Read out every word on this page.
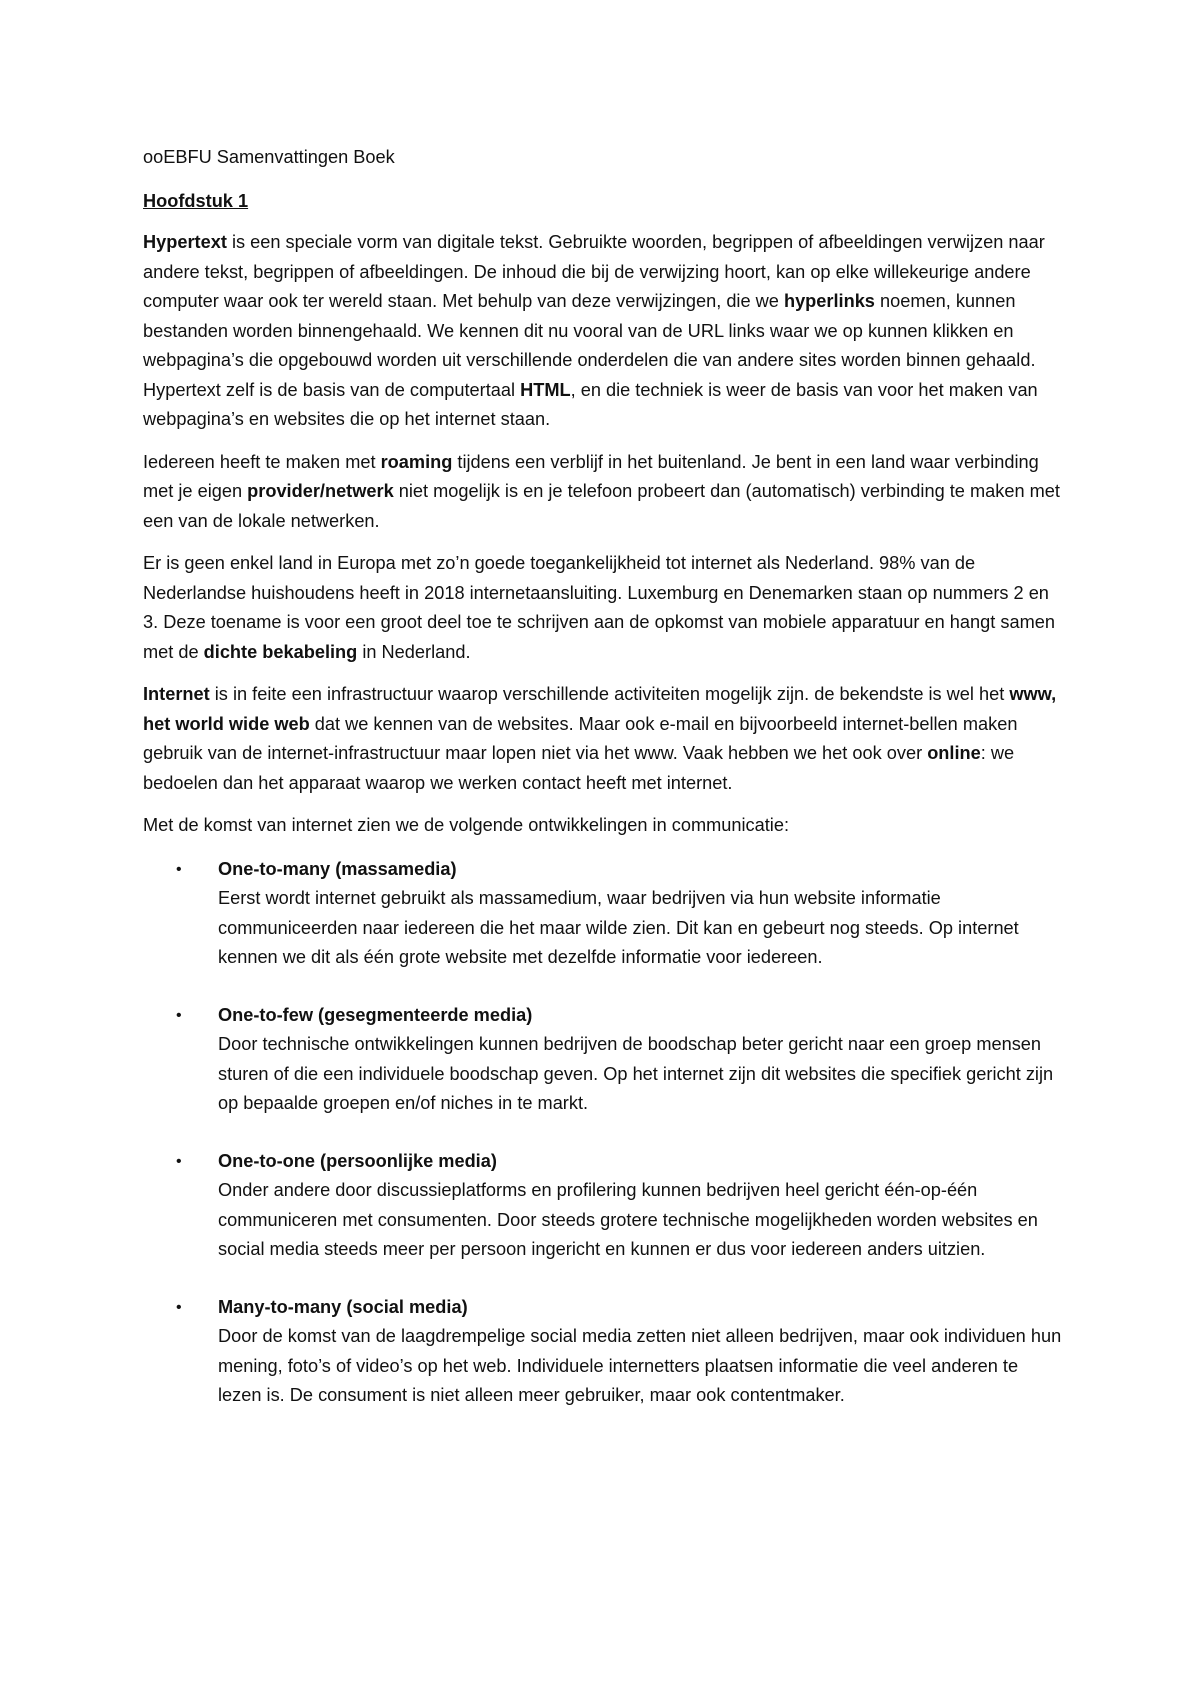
ooEBFU Samenvattingen Boek
Hoofdstuk 1

Hypertext is een speciale vorm van digitale tekst. Gebruikte woorden, begrippen of afbeeldingen verwijzen naar andere tekst, begrippen of afbeeldingen. De inhoud die bij de verwijzing hoort, kan op elke willekeurige andere computer waar ook ter wereld staan. Met behulp van deze verwijzingen, die we hyperlinks noemen, kunnen bestanden worden binnengehaald. We kennen dit nu vooral van de URL links waar we op kunnen klikken en webpagina’s die opgebouwd worden uit verschillende onderdelen die van andere sites worden binnen gehaald. Hypertext zelf is de basis van de computertaal HTML, en die techniek is weer de basis van voor het maken van webpagina’s en websites die op het internet staan.

Iedereen heeft te maken met roaming tijdens een verblijf in het buitenland. Je bent in een land waar verbinding met je eigen provider/netwerk niet mogelijk is en je telefoon probeert dan (automatisch) verbinding te maken met een van de lokale netwerken.

Er is geen enkel land in Europa met zo’n goede toegankelijkheid tot internet als Nederland. 98% van de Nederlandse huishoudens heeft in 2018 internetaansluiting. Luxemburg en Denemarken staan op nummers 2 en 3. Deze toename is voor een groot deel toe te schrijven aan de opkomst van mobiele apparatuur en hangt samen met de dichte bekabeling in Nederland.

Internet is in feite een infrastructuur waarop verschillende activiteiten mogelijk zijn. de bekendste is wel het www, het world wide web dat we kennen van de websites. Maar ook e-mail en bijvoorbeeld internet-bellen maken gebruik van de internet-infrastructuur maar lopen niet via het www. Vaak hebben we het ook over online: we bedoelen dan het apparaat waarop we werken contact heeft met internet.

Met de komst van internet zien we de volgende ontwikkelingen in communicatie:

• One-to-many (massamedia)
Eerst wordt internet gebruikt als massamedium, waar bedrijven via hun website informatie communiceerden naar iedereen die het maar wilde zien. Dit kan en gebeurt nog steeds. Op internet kennen we dit als één grote website met dezelfde informatie voor iedereen.
• One-to-few (gesegmenteerde media)
Door technische ontwikkelingen kunnen bedrijven de boodschap beter gericht naar een groep mensen sturen of die een individuele boodschap geven. Op het internet zijn dit websites die specifiek gericht zijn op bepaalde groepen en/of niches in te markt.
• One-to-one (persoonlijke media)
Onder andere door discussieplatforms en profilering kunnen bedrijven heel gericht één-op-één communiceren met consumenten. Door steeds grotere technische mogelijkheden worden websites en social media steeds meer per persoon ingericht en kunnen er dus voor iedereen anders uitzien.
• Many-to-many (social media)
Door de komst van de laagdrempelige social media zetten niet alleen bedrijven, maar ook individuen hun mening, foto’s of video’s op het web. Individuele internetters plaatsen informatie die veel anderen te lezen is. De consument is niet alleen meer gebruiker, maar ook contentmaker.
